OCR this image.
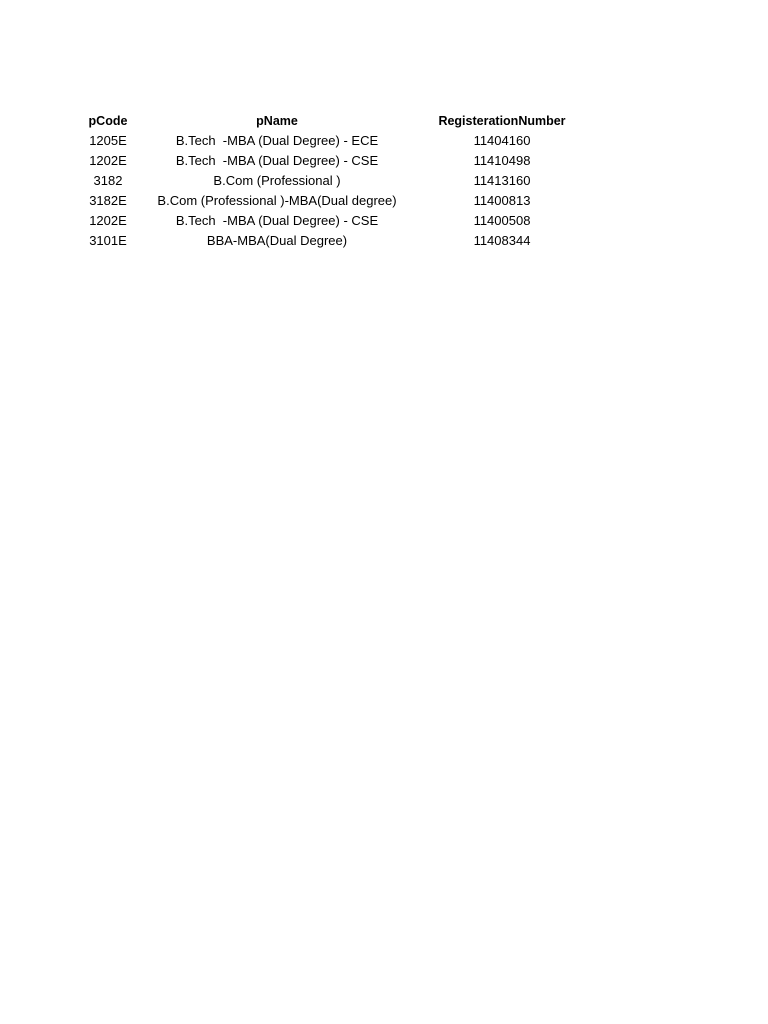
pCode	pName	RegisterationNumber
1205E	B.Tech  -MBA (Dual Degree) - ECE	11404160
1202E	B.Tech  -MBA (Dual Degree) - CSE	11410498
3182	B.Com (Professional )	11413160
3182E	B.Com (Professional )-MBA(Dual degree)	11400813
1202E	B.Tech  -MBA (Dual Degree) - CSE	11400508
3101E	BBA-MBA(Dual Degree)	11408344
